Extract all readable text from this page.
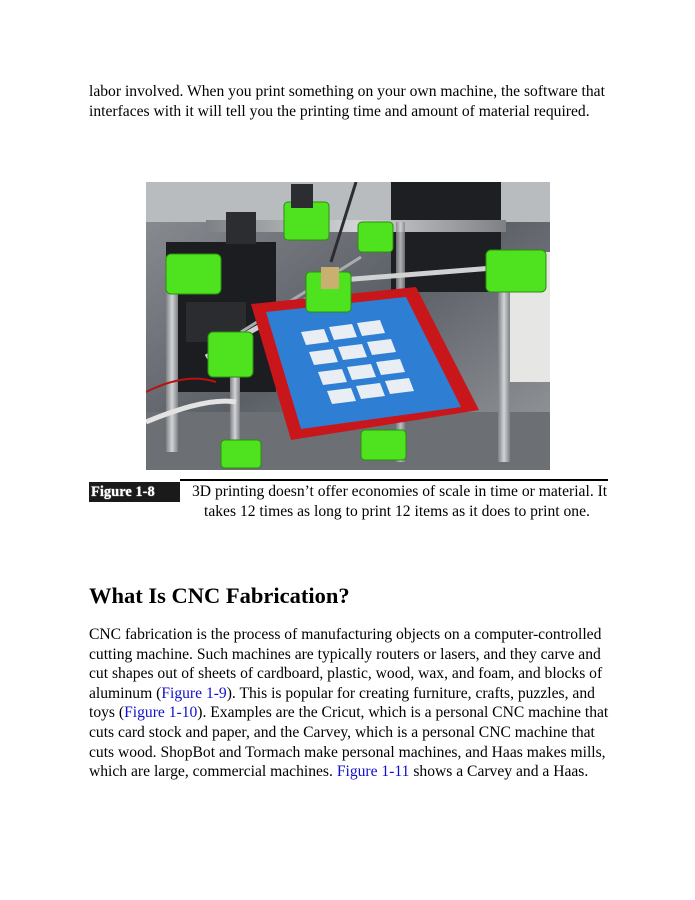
labor involved. When you print something on your own machine, the software that interfaces with it will tell you the printing time and amount of material required.

Figure 1-8	3D printing doesn’t offer economies of scale in time or material. It takes 12 times as long to print 12 items as it does to print one.

What Is CNC Fabrication?

CNC fabrication is the process of manufacturing objects on a computer-controlled cutting machine. Such machines are typically routers or lasers, and they carve and cut shapes out of sheets of cardboard, plastic, wood, wax, and foam, and blocks of aluminum (Figure 1-9). This is popular for creating furniture, crafts, puzzles, and toys (Figure 1-10). Examples are the Cricut, which is a personal CNC machine that cuts card stock and paper, and the Carvey, which is a personal CNC machine that cuts wood. ShopBot and Tormach make personal machines, and Haas makes mills, which are large, commercial machines. Figure 1-11 shows a Carvey and a Haas.
